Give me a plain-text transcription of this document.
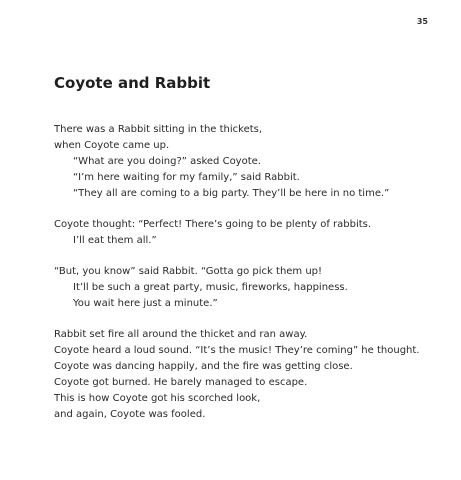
35
Coyote and Rabbit
There was a Rabbit sitting in the thickets,
when Coyote came up.
“What are you doing?” asked Coyote.
“I’m here waiting for my family,” said Rabbit.
“They all are coming to a big party. They’ll be here in no time.”
Coyote thought: “Perfect! There’s going to be plenty of rabbits.
I’ll eat them all.”
“But, you know” said Rabbit. “Gotta go pick them up!
It’ll be such a great party, music, fireworks, happiness.
You wait here just a minute.”
Rabbit set fire all around the thicket and ran away.
Coyote heard a loud sound. “It’s the music! They’re coming” he thought.
Coyote was dancing happily, and the fire was getting close.
Coyote got burned. He barely managed to escape.
This is how Coyote got his scorched look,
and again, Coyote was fooled.
